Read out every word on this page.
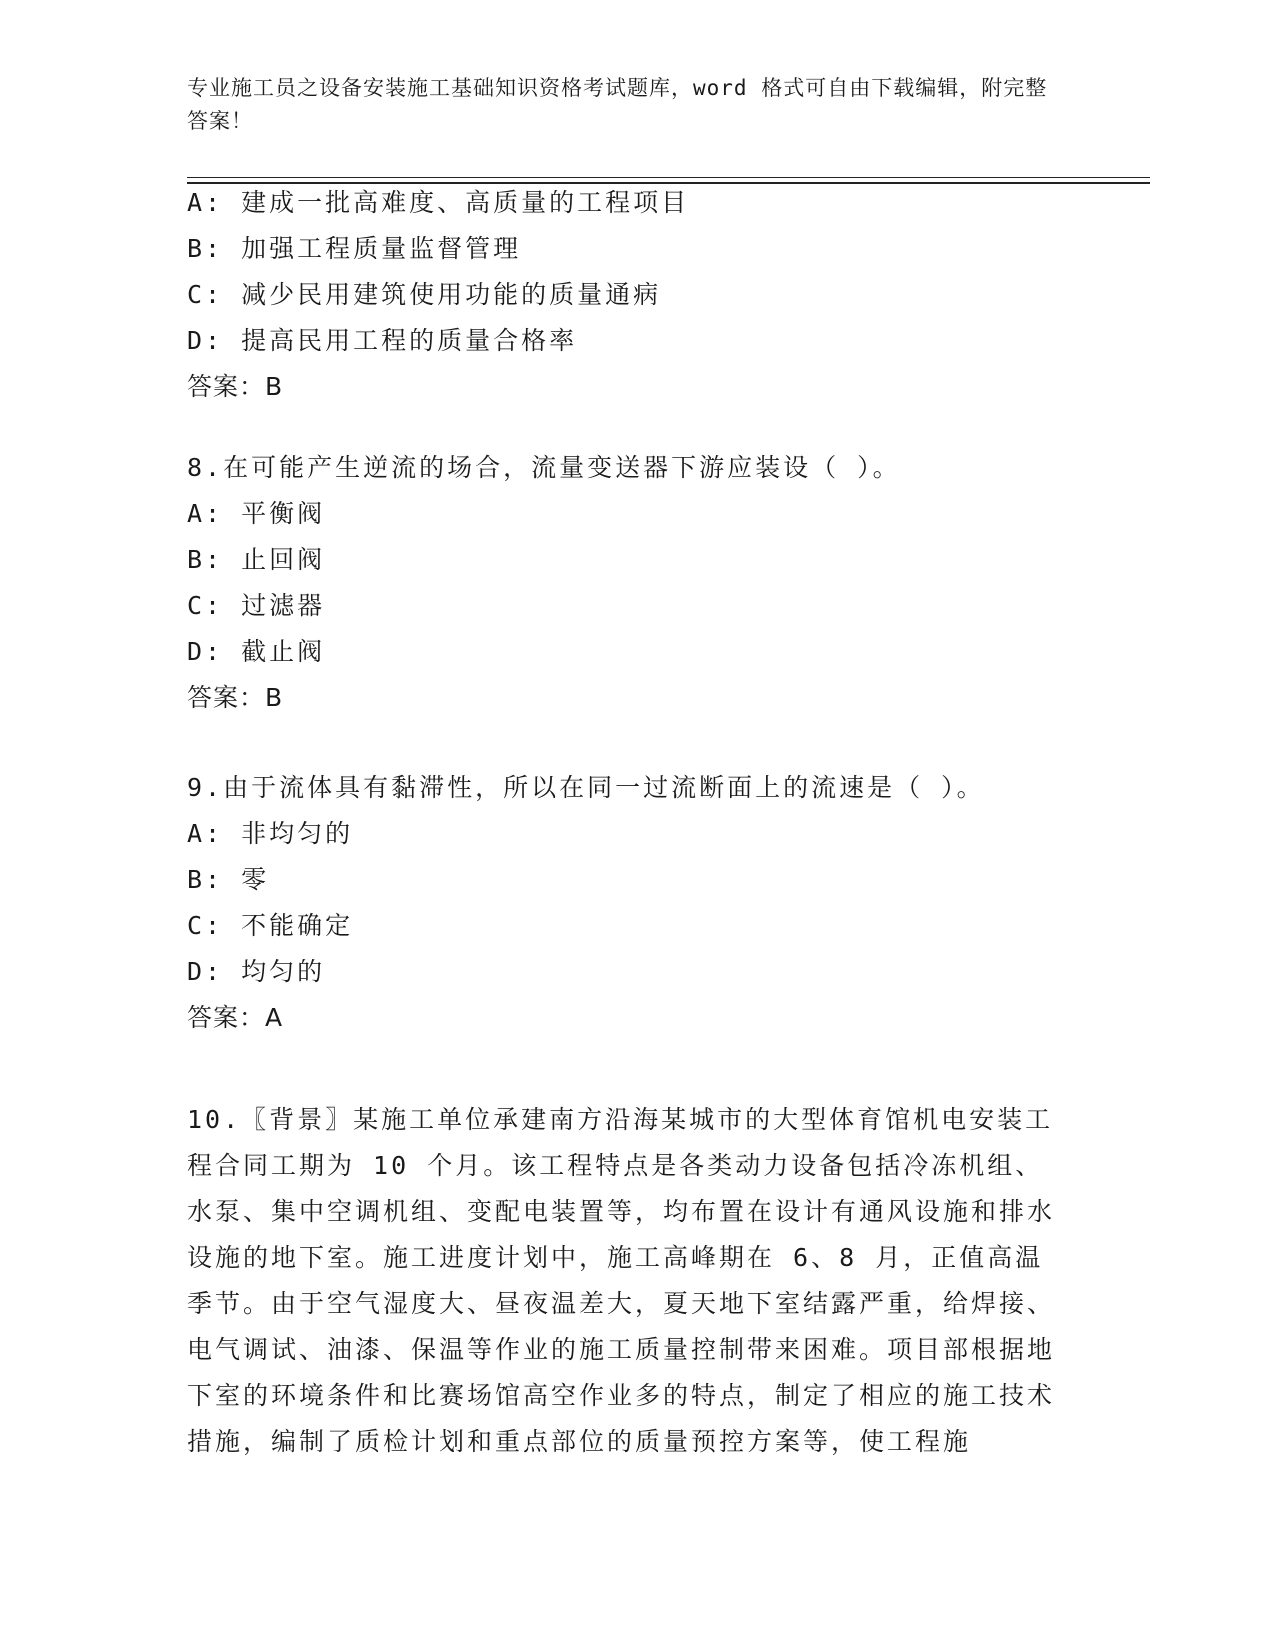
专业施工员之设备安装施工基础知识资格考试题库，word 格式可自由下载编辑，附完整答案！
A: 建成一批高难度、高质量的工程项目
B: 加强工程质量监督管理
C: 减少民用建筑使用功能的质量通病
D: 提高民用工程的质量合格率
答案：B
8.在可能产生逆流的场合，流量变送器下游应装设（ ）。
A: 平衡阀
B: 止回阀
C: 过滤器
D: 截止阀
答案：B
9.由于流体具有黏滞性，所以在同一过流断面上的流速是（ ）。
A: 非均匀的
B: 零
C: 不能确定
D: 均匀的
答案：A
10.〖背景〗某施工单位承建南方沿海某城市的大型体育馆机电安装工程合同工期为 10 个月。该工程特点是各类动力设备包括冷冻机组、水泵、集中空调机组、变配电装置等，均布置在设计有通风设施和排水设施的地下室。施工进度计划中，施工高峰期在 6、8 月，正值高温季节。由于空气湿度大、昼夜温差大，夏天地下室结露严重，给焊接、电气调试、油漆、保温等作业的施工质量控制带来困难。项目部根据地下室的环境条件和比赛场馆高空作业多的特点，制定了相应的施工技术措施，编制了质检计划和重点部位的质量预控方案等，使工程施
